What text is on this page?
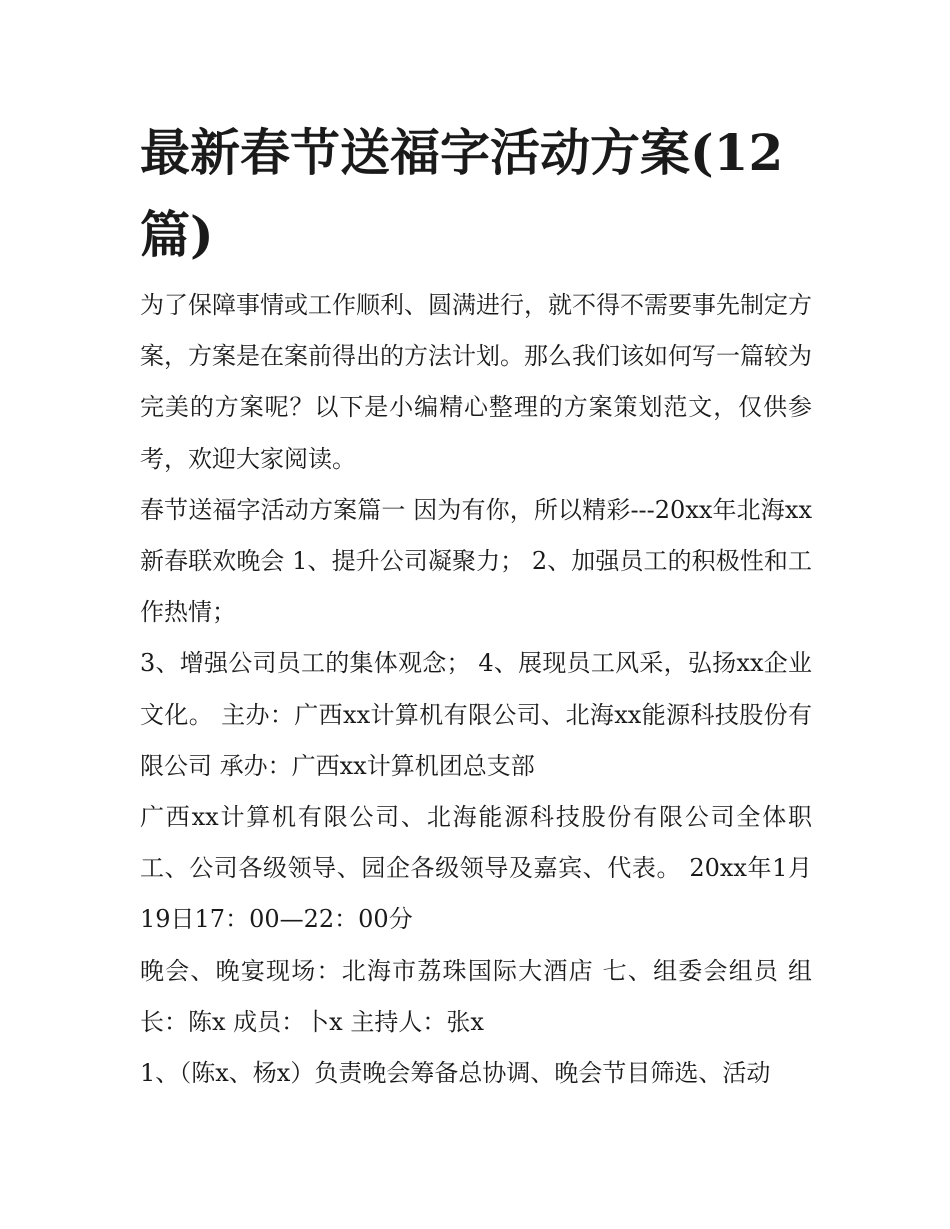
最新春节送福字活动方案(12篇)

为了保障事情或工作顺利、圆满进行，就不得不需要事先制定方案，方案是在案前得出的方法计划。那么我们该如何写一篇较为完美的方案呢？以下是小编精心整理的方案策划范文，仅供参考，欢迎大家阅读。

春节送福字活动方案篇一 因为有你，所以精彩---20xx年北海xx新春联欢晚会 1、提升公司凝聚力； 2、加强员工的积极性和工作热情；

3、增强公司员工的集体观念； 4、展现员工风采，弘扬xx企业文化。 主办：广西xx计算机有限公司、北海xx能源科技股份有限公司 承办：广西xx计算机团总支部

广西xx计算机有限公司、北海能源科技股份有限公司全体职工、公司各级领导、园企各级领导及嘉宾、代表。 20xx年1月19日17：00—22：00分

晚会、晚宴现场：北海市荔珠国际大酒店 七、组委会组员 组长：陈x 成员：卜x 主持人：张x

1、（陈x、杨x）负责晚会筹备总协调、晚会节目筛选、活动
